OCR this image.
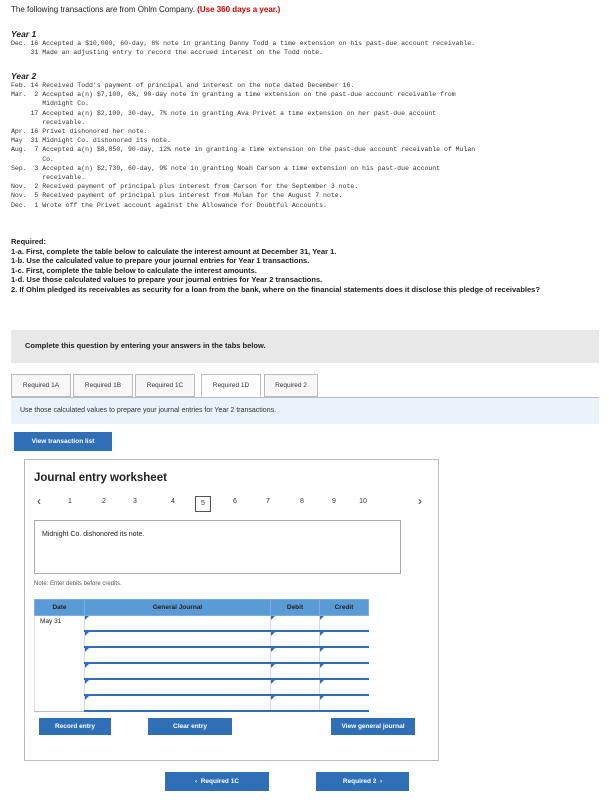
The following transactions are from Ohlm Company. (Use 360 days a year.)
Year 1
Dec. 16 Accepted a $10,000, 60-day, 6% note in granting Danny Todd a time extension on his past-due account receivable.
31 Made an adjusting entry to record the accrued interest on the Todd note.
Year 2
Feb. 14 Received Todd's payment of principal and interest on the note dated December 16.
Mar.  2 Accepted a(n) $7,100, 6%, 90-day note in granting a time extension on the past-due account receivable from
Midnight Co.
17 Accepted a(n) $2,100, 30-day, 7% note in granting Ava Privet a time extension on her past-due account
receivable.
Apr. 16 Privet dishonored her note.
May  31 Midnight Co. dishonored its note.
Aug.  7 Accepted a(n) $8,850, 90-day, 12% note in granting a time extension on the past-due account receivable of Mulan
Co.
Sep.  3 Accepted a(n) $2,730, 60-day, 9% note in granting Noah Carson a time extension on his past-due account
receivable.
Nov.  2 Received payment of principal plus interest from Carson for the September 3 note.
Nov.  5 Received payment of principal plus interest from Mulan for the August 7 note.
Dec.  1 Wrote off the Privet account against the Allowance for Doubtful Accounts.
Required:
1-a. First, complete the table below to calculate the interest amount at December 31, Year 1.
1-b. Use the calculated value to prepare your journal entries for Year 1 transactions.
1-c. First, complete the table below to calculate the interest amounts.
1-d. Use those calculated values to prepare your journal entries for Year 2 transactions.
2. If Ohlm pledged its receivables as security for a loan from the bank, where on the financial statements does it disclose this pledge of receivables?
Complete this question by entering your answers in the tabs below.
Required 1A	Required 1B	Required 1C	Required 1D	Required 2
Use those calculated values to prepare your journal entries for Year 2 transactions.
View transaction list
Journal entry worksheet
‹	1	2	3	4	5	6	7	8	9	10	›
Midnight Co. dishonored its note.
Note: Enter debits before credits.
Date	General Journal	Debit	Credit
May 31	

Record entry	Clear entry	View general journal
‹  Required 1C	Required 2  ›
